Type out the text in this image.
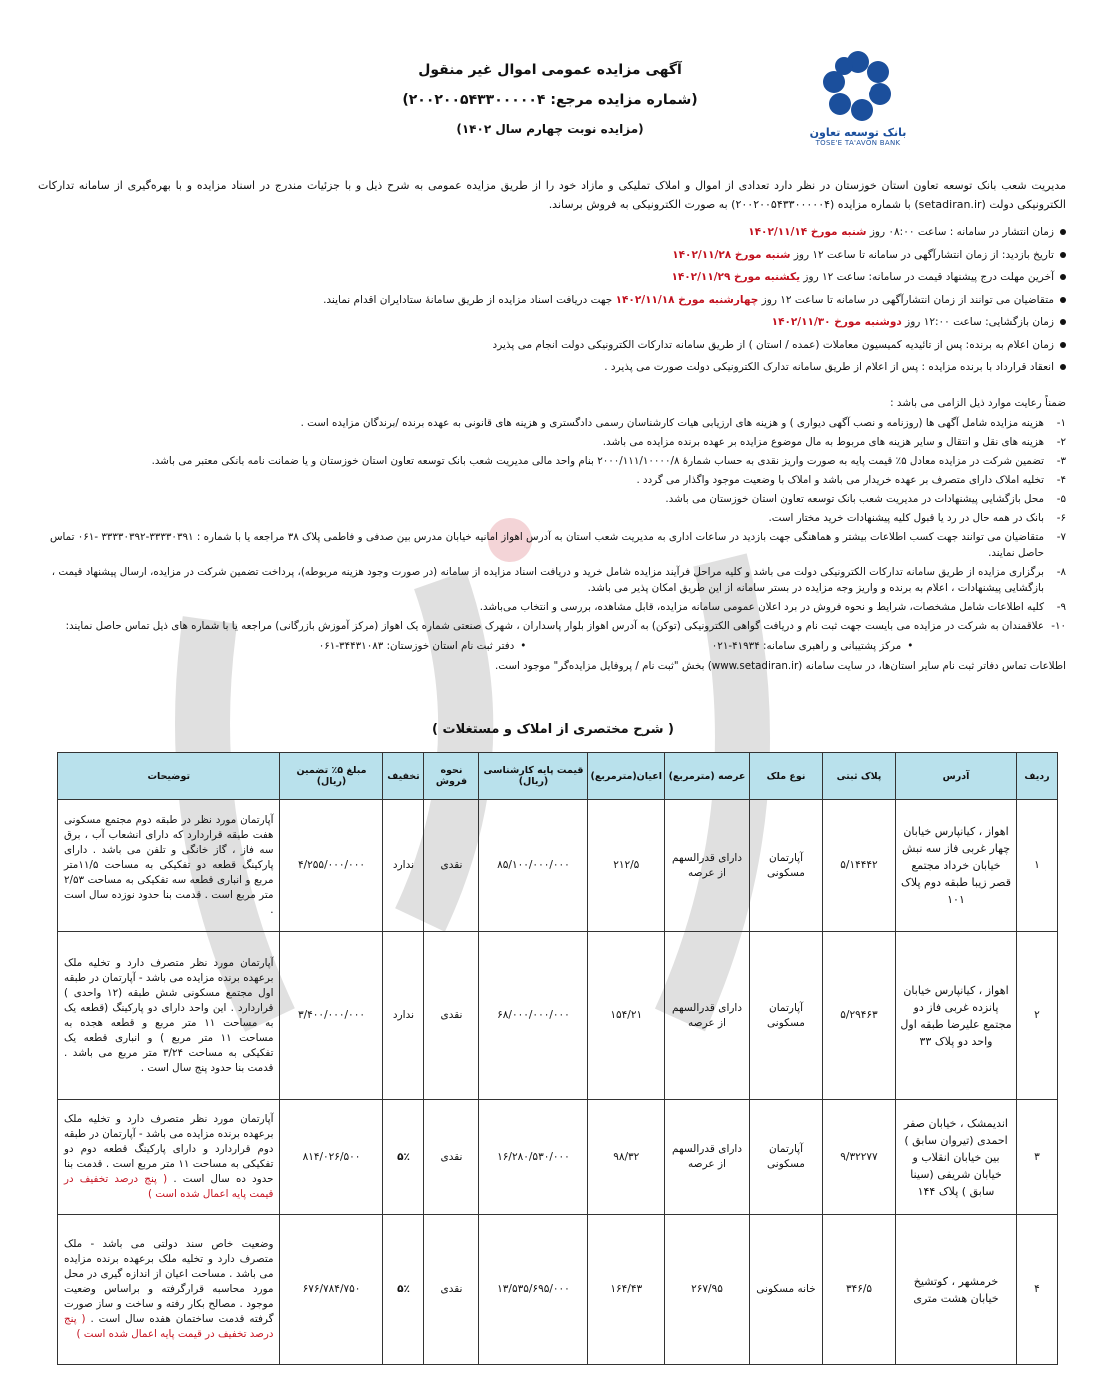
بانک توسعه تعاون
TOSE'E TA'AVON BANK
آگهی مزایده عمومی اموال غیر منقول
(شماره مزایده مرجع: ۲۰۰۲۰۰۵۴۳۳۰۰۰۰۰۴)
(مزایده نوبت چهارم سال ۱۴۰۲)
مدیریت شعب بانک توسعه تعاون استان خوزستان در نظر دارد تعدادی از اموال و املاک تملیکی و مازاد خود را از طریق مزایده عمومی به شرح ذیل و با جزئیات مندرج در اسناد مزایده و با بهره‌گیری از سامانه تدارکات الکترونیکی دولت (setadiran.ir) با شماره مزایده (۲۰۰۲۰۰۵۴۳۳۰۰۰۰۰۴) به صورت الکترونیکی به فروش برساند.
زمان انتشار در سامانه : ساعت ۰۸:۰۰ روز شنبه مورخ ۱۴۰۲/۱۱/۱۴
تاریخ بازدید: از زمان انتشارآگهی در سامانه تا ساعت ۱۲ روز شنبه مورخ ۱۴۰۲/۱۱/۲۸
آخرین مهلت درج پیشنهاد قیمت در سامانه: ساعت ۱۲ روز یکشنبه مورخ ۱۴۰۲/۱۱/۲۹
متقاضیان می توانند از زمان انتشارآگهی در سامانه تا ساعت ۱۲ روز چهارشنبه مورخ ۱۴۰۲/۱۱/۱۸ جهت دریافت اسناد مزایده از طریق سامانهٔ ستادایران اقدام نمایند.
زمان بازگشایی: ساعت ۱۲:۰۰ روز دوشنبه مورخ ۱۴۰۲/۱۱/۳۰
زمان اعلام به برنده: پس از تائیدیه کمیسیون معاملات (عمده / استان ) از طریق سامانه تدارکات الکترونیکی دولت انجام می پذیرد
انعقاد قرارداد با برنده مزایده : پس از اعلام از طریق سامانه تدارک الکترونیکی دولت صورت می پذیرد .
ضمناً رعایت موارد ذیل الزامی می باشد :
۱-
هزینه مزایده شامل آگهی ها (روزنامه و نصب آگهی دیواری ) و هزینه های ارزیابی هیات کارشناسان رسمی دادگستری و هزینه های قانونی به عهده برنده /برندگان مزایده است .
۲-
هزینه های نقل و انتقال و سایر هزینه های مربوط به مال موضوع مزایده بر عهده برنده مزایده می باشد.
۳-
تضمین شرکت در مزایده معادل ۵٪ قیمت پایه به صورت واریز نقدی به حساب شمارهٔ ۲۰۰۰/۱۱۱/۱۰۰۰۰/۸ بنام واحد مالی مدیریت شعب بانک توسعه تعاون استان خوزستان و یا ضمانت نامه بانکی معتبر می باشد.
۴-
تخلیه املاک دارای متصرف بر عهده خریدار می باشد و املاک با وضعیت موجود واگذار می گردد .
۵-
محل بازگشایی پیشنهادات در مدیریت شعب بانک توسعه تعاون استان خوزستان می باشد.
۶-
بانک در همه حال در رد یا قبول کلیه پیشنهادات خرید مختار است.
۷-
متقاضیان می توانند جهت کسب اطلاعات بیشتر و هماهنگی جهت بازدید در ساعات اداری به مدیریت شعب استان به آدرس اهواز امانیه خیابان مدرس بین صدفی و فاطمی پلاک ۳۸ مراجعه یا با شماره : ۳۳۳۳۰۳۹۱-۳۳۳۳۰۳۹۲ -۰۶۱ تماس حاصل نمایند.
۸-
برگزاری مزایده از طریق سامانه تدارکات الکترونیکی دولت می باشد و کلیه مراحل فرآیند مزایده شامل خرید و دریافت اسناد مزایده از سامانه (در صورت وجود هزینه مربوطه)، پرداخت تضمین شرکت در مزایده، ارسال پیشنهاد قیمت ، بازگشایی پیشنهادات ، اعلام به برنده و واریز وجه مزایده در بستر سامانه از این طریق امکان پذیر می باشد.
۹-
کلیه اطلاعات شامل مشخصات، شرایط و نحوه فروش در برد اعلان عمومی سامانه مزایده، قابل مشاهده، بررسی و انتخاب می‌باشد.
۱۰-
علاقمندان به شرکت در مزایده می بایست جهت ثبت نام و دریافت گواهی الکترونیکی (توکن) به آدرس اهواز بلوار پاسداران ، شهرک صنعتی شماره یک اهواز (مرکز آموزش بازرگانی) مراجعه یا با شماره های ذیل تماس حاصل نمایند:
• مرکز پشتیبانی و راهبری سامانه: ۴۱۹۳۴-۰۲۱
• دفتر ثبت نام استان خوزستان: ۳۴۴۳۱۰۸۳-۰۶۱
اطلاعات تماس دفاتر ثبت نام سایر استان‌ها، در سایت سامانه (www.setadiran.ir) بخش "ثبت نام / پروفایل مزایده‌گر" موجود است.
( شرح مختصری از املاک و مستغلات )
ردیف	آدرس	پلاک ثبتی	نوع ملک	عرصه (مترمربع)	اعیان(مترمربع)	قیمت پایه کارشناسی (ریال)	نحوه فروش	تخفیف	مبلغ ۵٪ تضمین (ریال)	توضیحات
۱	اهواز ، کیانپارس خیابان چهار غربی فاز سه نبش خیابان خرداد مجتمع قصر زیبا طبقه دوم پلاک ۱۰۱	۵/۱۴۴۴۲	آپارتمان مسکونی	دارای قدرالسهم از عرصه	۲۱۲/۵	۸۵/۱۰۰/۰۰۰/۰۰۰	نقدی	ندارد	۴/۲۵۵/۰۰۰/۰۰۰	آپارتمان مورد نظر در طبقه دوم مجتمع مسکونی هفت طبقه قراردارد که دارای انشعاب آب ، برق سه فاز ، گاز خانگی و تلفن می باشد . دارای پارکینگ قطعه دو تفکیکی به مساحت ۱۱/۵متر مربع و انباری قطعه سه تفکیکی به مساحت ۲/۵۳ متر مربع است . قدمت بنا حدود نوزده سال است .
۲	اهواز ، کیانپارس خیابان پانزده غربی فاز دو مجتمع علیرضا طبقه اول واحد دو پلاک ۳۳	۵/۲۹۴۶۳	آپارتمان مسکونی	دارای قدرالسهم از عرصه	۱۵۴/۲۱	۶۸/۰۰۰/۰۰۰/۰۰۰	نقدی	ندارد	۳/۴۰۰/۰۰۰/۰۰۰	آپارتمان مورد نظر متصرف دارد و تخلیه ملک برعهده برنده مزایده می باشد - آپارتمان در طبقه اول مجتمع مسکونی شش طبقه (۱۲ واحدی ) قراردارد . این واحد دارای دو پارکینگ (قطعه یک به مساحت ۱۱ متر مربع و قطعه هجده به مساحت ۱۱ متر مربع ) و انباری قطعه یک تفکیکی به مساحت ۳/۲۴ متر مربع می باشد . قدمت بنا حدود پنج سال است .
۳	اندیمشک ، خیابان صفر احمدی (تیروان سابق ) بین خیابان انقلاب و خیابان شریفی (سینا سابق ) پلاک ۱۴۴	۹/۳۲۲۷۷	آپارتمان مسکونی	دارای قدرالسهم از عرصه	۹۸/۳۲	۱۶/۲۸۰/۵۳۰/۰۰۰	نقدی	۵٪	۸۱۴/۰۲۶/۵۰۰	آپارتمان مورد نظر متصرف دارد و تخلیه ملک برعهده برنده مزایده می باشد - آپارتمان در طبقه دوم قراردارد و دارای پارکینگ قطعه دوم دو تفکیکی به مساحت ۱۱ متر مربع است . قدمت بنا حدود ده سال است . ( پنج درصد تخفیف در قیمت پایه اعمال شده است )
۴	خرمشهر ، کوتشیخ خیابان هشت متری	۳۴۶/۵	خانه مسکونی	۲۶۷/۹۵	۱۶۴/۴۳	۱۳/۵۳۵/۶۹۵/۰۰۰	نقدی	۵٪	۶۷۶/۷۸۴/۷۵۰	وضعیت خاص سند دولتی می باشد - ملک متصرف دارد و تخلیه ملک برعهده برنده مزایده می باشد . مساحت اعیان از اندازه گیری در محل مورد محاسبه قرارگرفته و براساس وضعیت موجود . مصالح بکار رفته و ساخت و ساز صورت گرفته قدمت ساختمان هفده سال است . ( پنج درصد تخفیف در قیمت پایه اعمال شده است )
